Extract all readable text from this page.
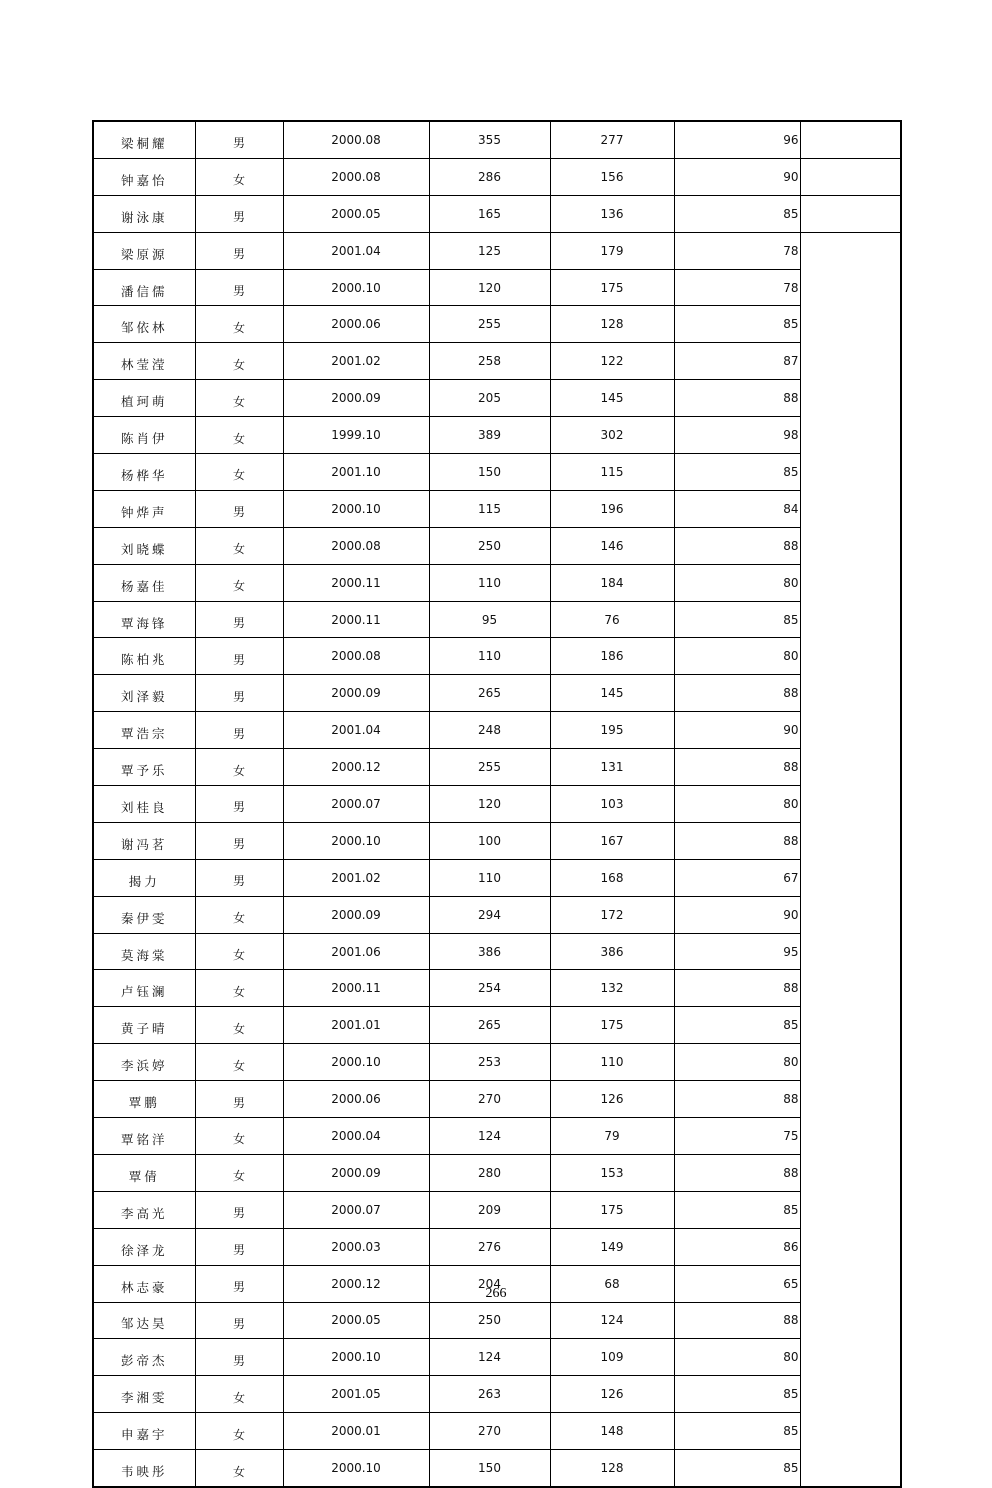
梁桐耀	男	2000.08	355	277	96	
钟嘉怡	女	2000.08	286	156	90	
谢泳康	男	2000.05	165	136	85	
梁原源	男	2001.04	125	179	78	
潘信儒	男	2000.10	120	175	78	
邹依林	女	2000.06	255	128	85	
林莹滢	女	2001.02	258	122	87	
植珂萌	女	2000.09	205	145	88	
陈肖伊	女	1999.10	389	302	98	
杨桦华	女	2001.10	150	115	85	
钟烨声	男	2000.10	115	196	84	
刘晓蝶	女	2000.08	250	146	88	
杨嘉佳	女	2000.11	110	184	80	
覃海锋	男	2000.11	95	76	85	
陈柏兆	男	2000.08	110	186	80	
刘泽毅	男	2000.09	265	145	88	
覃浩宗	男	2001.04	248	195	90	
覃予乐	女	2000.12	255	131	88	
刘桂良	男	2000.07	120	103	80	
谢冯茗	男	2000.10	100	167	88	
揭力	男	2001.02	110	168	67	
秦伊雯	女	2000.09	294	172	90	
莫海棠	女	2001.06	386	386	95	
卢钰澜	女	2000.11	254	132	88	
黄子晴	女	2001.01	265	175	85	
李浜婷	女	2000.10	253	110	80	
覃鹏	男	2000.06	270	126	88	
覃铭洋	女	2000.04	124	79	75	
覃倩	女	2000.09	280	153	88	
李高光	男	2000.07	209	175	85	
徐泽龙	男	2000.03	276	149	86	
林志豪	男	2000.12	204	68	65	
邹达昊	男	2000.05	250	124	88	
彭帝杰	男	2000.10	124	109	80	
李湘雯	女	2001.05	263	126	85	
申嘉宇	女	2000.01	270	148	85	
韦映彤	女	2000.10	150	128	85	
266
